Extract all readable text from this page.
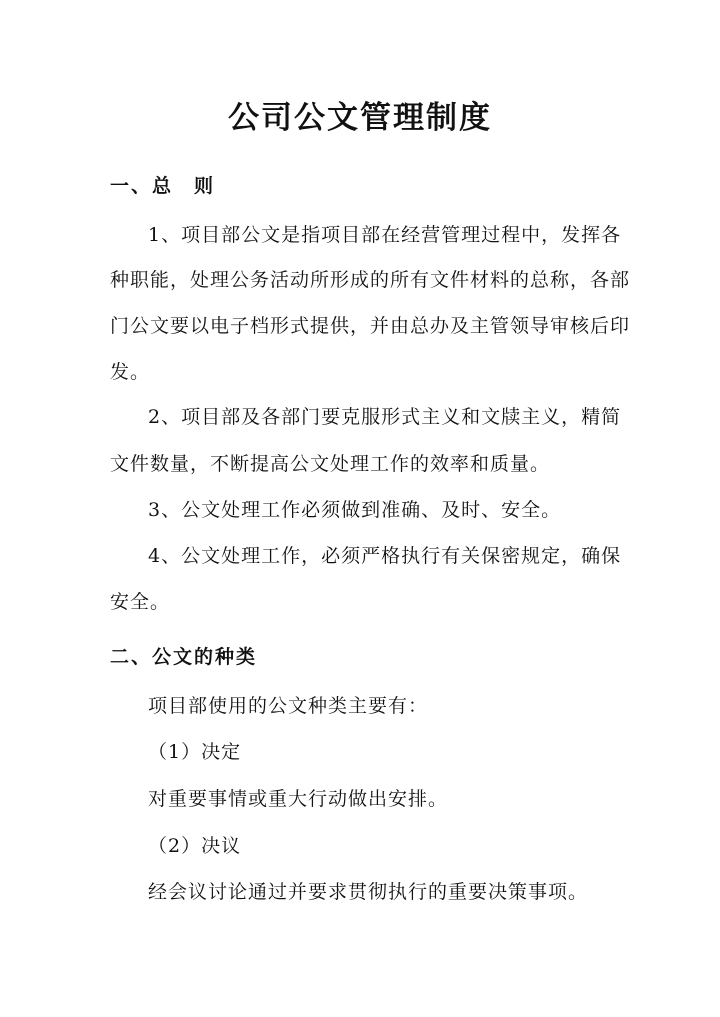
公司公文管理制度

一、总　则

1、项目部公文是指项目部在经营管理过程中，发挥各

种职能，处理公务活动所形成的所有文件材料的总称，各部

门公文要以电子档形式提供，并由总办及主管领导审核后印

发。

2、项目部及各部门要克服形式主义和文牍主义，精简

文件数量，不断提高公文处理工作的效率和质量。

3、公文处理工作必须做到准确、及时、安全。

4、公文处理工作，必须严格执行有关保密规定，确保

安全。

二、公文的种类

项目部使用的公文种类主要有：

（1）决定

对重要事情或重大行动做出安排。

（2）决议

经会议讨论通过并要求贯彻执行的重要决策事项。
